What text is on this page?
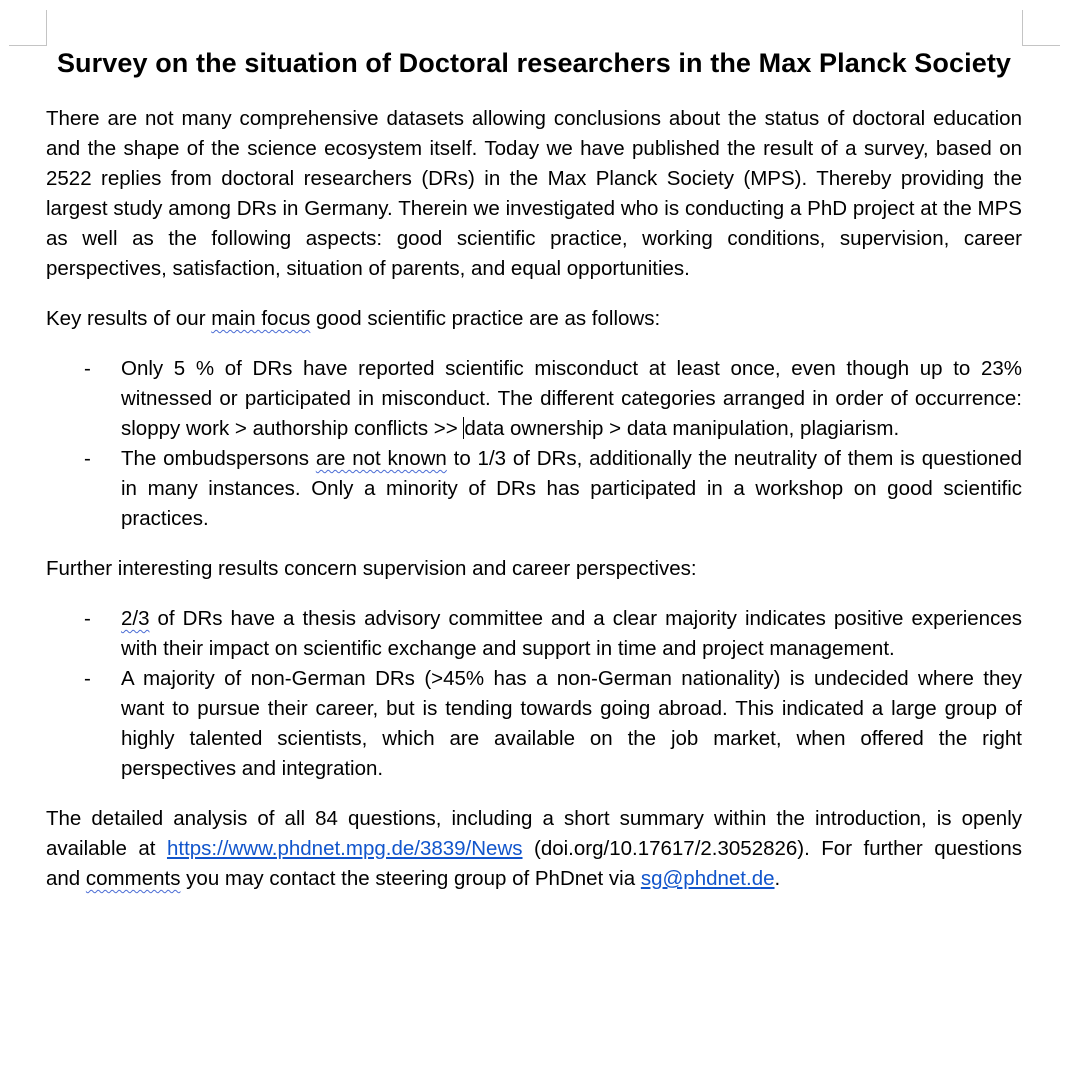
Survey on the situation of Doctoral researchers in the Max Planck Society

There are not many comprehensive datasets allowing conclusions about the status of doctoral education and the shape of the science ecosystem itself. Today we have published the result of a survey, based on 2522 replies from doctoral researchers (DRs) in the Max Planck Society (MPS). Thereby providing the largest study among DRs in Germany. Therein we investigated who is conducting a PhD project at the MPS as well as the following aspects: good scientific practice, working conditions, supervision, career perspectives, satisfaction, situation of parents, and equal opportunities.

Key results of our main focus good scientific practice are as follows:

- Only 5 % of DRs have reported scientific misconduct at least once, even though up to 23% witnessed or participated in misconduct. The different categories arranged in order of occurrence: sloppy work > authorship conflicts >> data ownership > data manipulation, plagiarism.
- The ombudspersons are not known to 1/3 of DRs, additionally the neutrality of them is questioned in many instances. Only a minority of DRs has participated in a workshop on good scientific practices.

Further interesting results concern supervision and career perspectives:

- 2/3 of DRs have a thesis advisory committee and a clear majority indicates positive experiences with their impact on scientific exchange and support in time and project management.
- A majority of non-German DRs (>45% has a non-German nationality) is undecided where they want to pursue their career, but is tending towards going abroad. This indicated a large group of highly talented scientists, which are available on the job market, when offered the right perspectives and integration.

The detailed analysis of all 84 questions, including a short summary within the introduction, is openly available at https://www.phdnet.mpg.de/3839/News (doi.org/10.17617/2.3052826). For further questions and comments you may contact the steering group of PhDnet via sg@phdnet.de.
